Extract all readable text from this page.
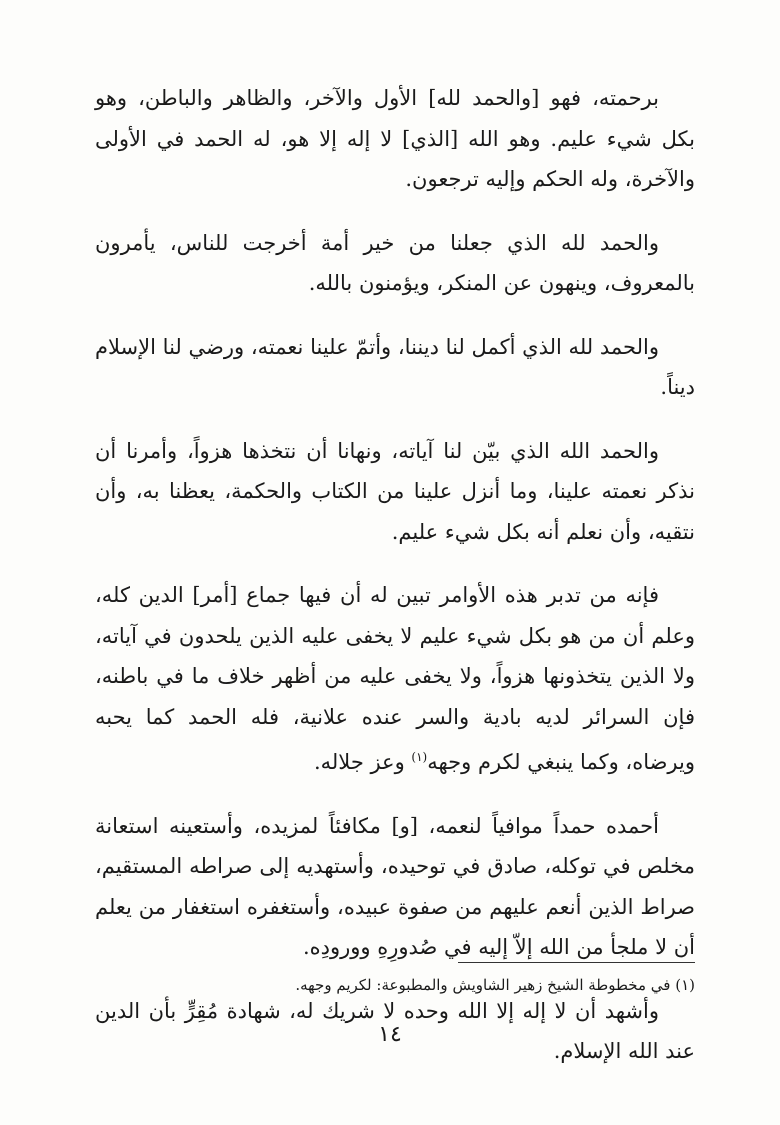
برحمته، فهو [والحمد لله] الأول والآخر، والظاهر والباطن، وهو بكل شيء عليم. وهو الله [الذي] لا إله إلا هو، له الحمد في الأولى والآخرة، وله الحكم وإليه ترجعون.

والحمد لله الذي جعلنا من خير أمة أخرجت للناس، يأمرون بالمعروف، وينهون عن المنكر، ويؤمنون بالله.

والحمد لله الذي أكمل لنا ديننا، وأتمّ علينا نعمته، ورضي لنا الإسلام ديناً.

والحمد الله الذي بيّن لنا آياته، ونهانا أن نتخذها هزواً، وأمرنا أن نذكر نعمته علينا، وما أنزل علينا من الكتاب والحكمة، يعظنا به، وأن نتقيه، وأن نعلم أنه بكل شيء عليم.

فإنه من تدبر هذه الأوامر تبين له أن فيها جماع [أمر] الدين كله، وعلم أن من هو بكل شيء عليم لا يخفى عليه الذين يلحدون في آياته، ولا الذين يتخذونها هزواً، ولا يخفى عليه من أظهر خلاف ما في باطنه، فإن السرائر لديه بادية والسر عنده علانية، فله الحمد كما يحبه ويرضاه، وكما ينبغي لكرم وجهه$^{(١)}$ وعز جلاله.

أحمده حمداً موافياً لنعمه، [و] مكافئاً لمزيده، وأستعينه استعانة مخلص في توكله، صادق في توحيده، وأستهديه إلى صراطه المستقيم، صراط الذين أنعم عليهم من صفوة عبيده، وأستغفره استغفار من يعلم أن لا ملجأ من الله إلاّ إليه في صُدورِهِ وورودِه.

وأشهد أن لا إله إلا الله وحده لا شريك له، شهادة مُقِرٍّ بأن الدين عند الله الإسلام.

(١) في مخطوطة الشيخ زهير الشاويش والمطبوعة: لكريم وجهه.
١٤
